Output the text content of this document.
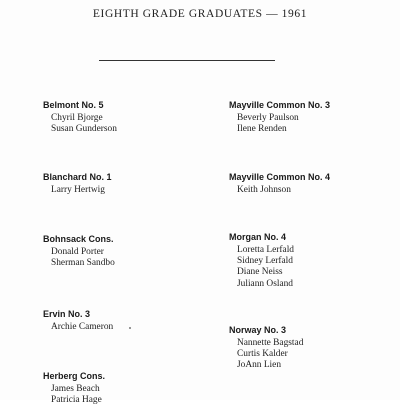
EIGHTH GRADE GRADUATES — 1961
Belmont No. 5
Chyril Bjorge
Susan Gunderson
Blanchard No. 1
Larry Hertwig
Bohnsack Cons.
Donald Porter
Sherman Sandbo
Ervin No. 3
Archie Cameron
Herberg Cons.
James Beach
Patricia Hage
Mayville Common No. 3
Beverly Paulson
Ilene Renden
Mayville Common No. 4
Keith Johnson
Morgan No. 4
Loretta Lerfald
Sidney Lerfald
Diane Neiss
Juliann Osland
Norway No. 3
Nannette Bagstad
Curtis Kalder
JoAnn Lien
